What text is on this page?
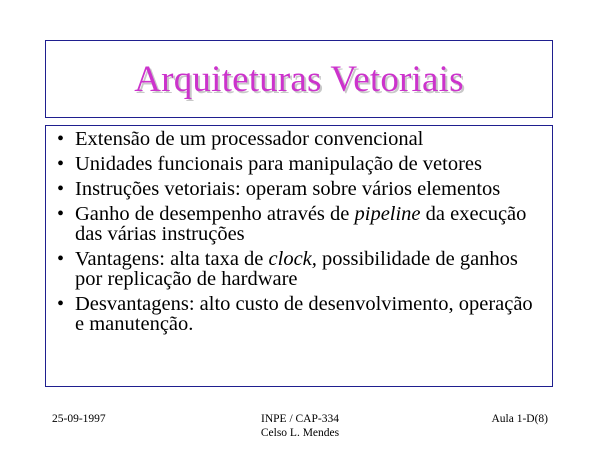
Arquiteturas Vetoriais
• Extensão de um processador convencional
• Unidades funcionais para manipulação de vetores
• Instruções vetoriais: operam sobre vários elementos
• Ganho de desempenho através de pipeline da execução das várias instruções
• Vantagens: alta taxa de clock, possibilidade de ganhos por replicação de hardware
• Desvantagens: alto custo de desenvolvimento, operação e manutenção.
25-09-1997	INPE / CAP-334
Celso L. Mendes
Aula 1-D(8)
